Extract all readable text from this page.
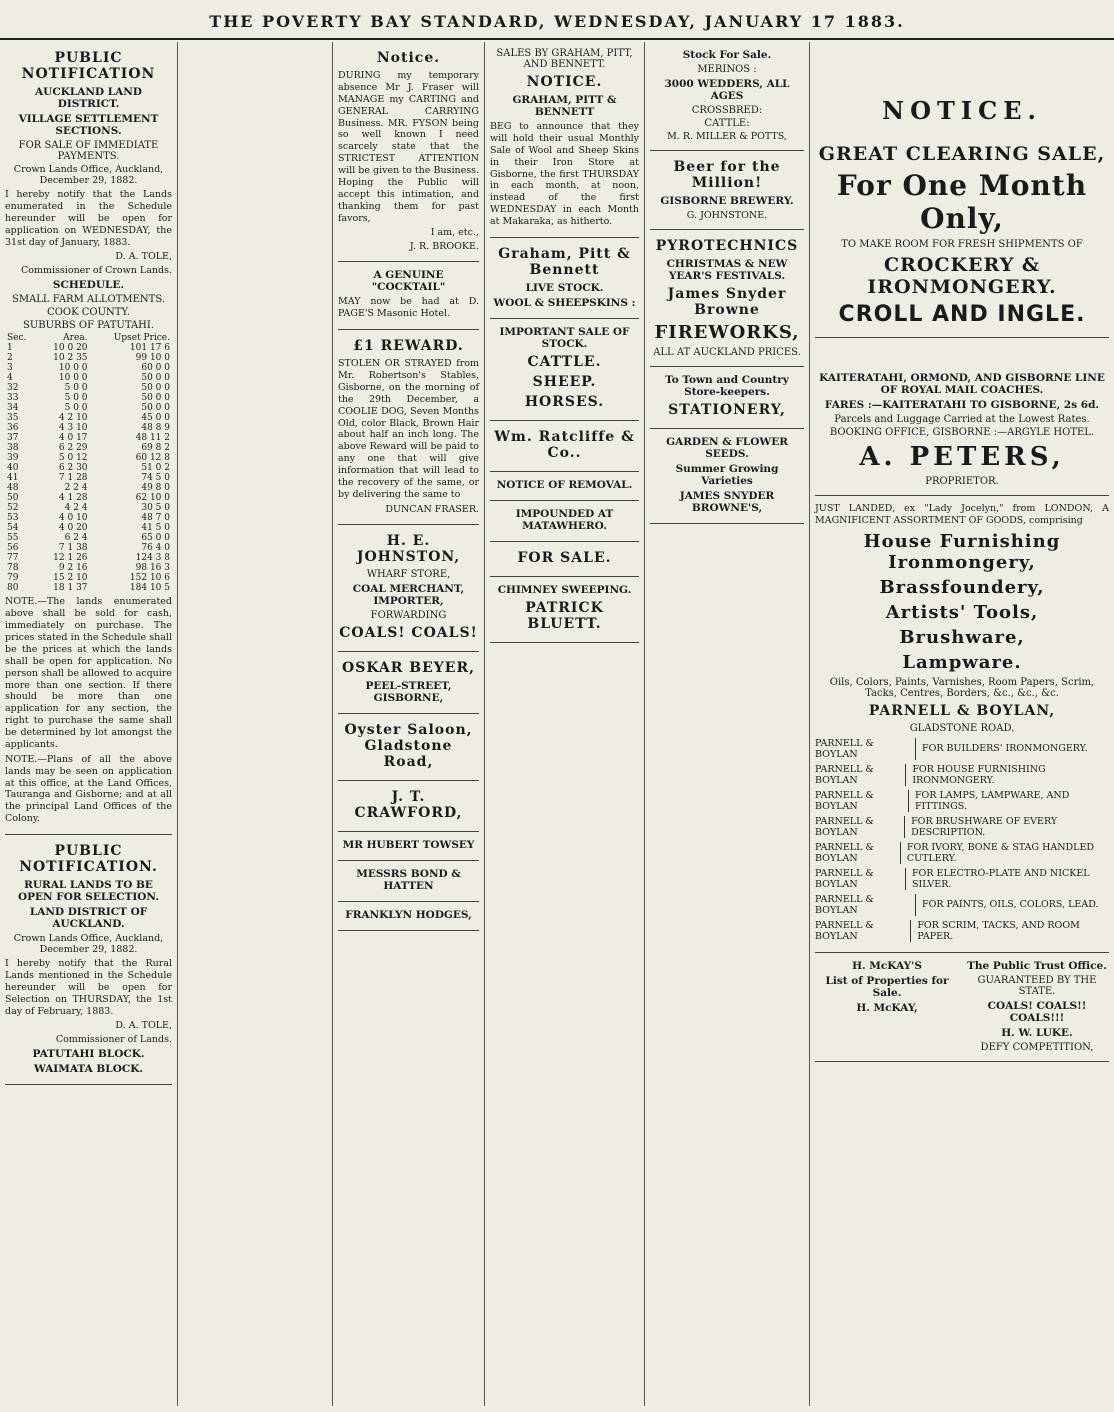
THE POVERTY BAY STANDARD, WEDNESDAY, JANUARY 17 1883.
PUBLIC NOTIFICATION
AUCKLAND LAND DISTRICT.
VILLAGE SETTLEMENT SECTIONS.
FOR SALE OF IMMEDIATE PAYMENTS.
Crown Lands Office, Auckland, December 29, 1882.
I hereby notify that the Lands enumerated in the Schedule hereunder will be open for application on WEDNESDAY, the 31st day of January, 1883.
D. A. TOLE,
Commissioner of Crown Lands.
SCHEDULE.
SMALL FARM ALLOTMENTS.
COOK COUNTY.
SUBURBS OF PATUTAHI.
Sec.	Area.	Upset Price.
1	10 0 20	101 17 6
2	10 2 35	99 10 0
3	10 0 0	60 0 0
4	10 0 0	50 0 0
32	5 0 0	50 0 0
33	5 0 0	50 0 0
34	5 0 0	50 0 0
35	4 2 10	45 0 0
36	4 3 10	48 8 9
37	4 0 17	48 11 2
38	6 2 29	69 8 2
39	5 0 12	60 12 8
40	6 2 30	51 0 2
41	7 1 28	74 5 0
48	2 2 4	49 8 0
50	4 1 28	62 10 0
52	4 2 4	30 5 0
53	4 0 10	48 7 0
54	4 0 20	41 5 0
55	6 2 4	65 0 0
56	7 1 38	76 4 0
77	12 1 26	124 3 8
78	9 2 16	98 16 3
79	15 2 10	152 10 6
80	18 1 37	184 10 5
NOTE.—The lands enumerated above shall be sold for cash, immediately on purchase. The prices stated in the Schedule shall be the prices at which the lands shall be open for application. No person shall be allowed to acquire more than one section. If there should be more than one application for any section, the right to purchase the same shall be determined by lot amongst the applicants.
NOTE.—Plans of all the above lands may be seen on application at this office, at the Land Offices, Tauranga and Gisborne; and at all the principal Land Offices of the Colony.
PUBLIC NOTIFICATION.
RURAL LANDS TO BE OPEN FOR SELECTION.
LAND DISTRICT OF AUCKLAND.
Crown Lands Office, Auckland, December 29, 1882.
I hereby notify that the Rural Lands mentioned in the Schedule hereunder will be open for Selection on THURSDAY, the 1st day of February, 1883.
D. A. TOLE,
Commissioner of Lands.
PATUTAHI BLOCK.
WAIMATA BLOCK.
Notice.
DURING my temporary absence Mr J. Fraser will MANAGE my CARTING and GENERAL CARRYING Business. MR. FYSON being so well known I need scarcely state that the STRICTEST ATTENTION will be given to the Business. Hoping the Public will accept this intimation, and thanking them for past favors,
I am, etc.,
J. R. BROOKE.
A GENUINE "COCKTAIL"
MAY now be had at D. PAGE'S Masonic Hotel.
£1 REWARD.
STOLEN OR STRAYED from Mr. Robertson's Stables, Gisborne, on the morning of the 29th December, a COOLIE DOG, Seven Months Old, color Black, Brown Hair about half an inch long. The above Reward will be paid to any one that will give information that will lead to the recovery of the same, or by delivering the same to
DUNCAN FRASER.
H. E. JOHNSTON,
WHARF STORE,
COAL MERCHANT, IMPORTER,
FORWARDING
COALS! COALS!
OSKAR BEYER,
PEEL-STREET, GISBORNE,
Oyster Saloon, Gladstone Road,
J. T. CRAWFORD,
MR HUBERT TOWSEY
MESSRS BOND & HATTEN
FRANKLYN HODGES,
SALES BY GRAHAM, PITT, AND BENNETT.
NOTICE.
GRAHAM, PITT & BENNETT
BEG to announce that they will hold their usual Monthly Sale of Wool and Sheep Skins in their Iron Store at Gisborne, the first THURSDAY in each month, at noon, instead of the first WEDNESDAY in each Month at Makaraka, as hitherto.
Graham, Pitt & Bennett
LIVE STOCK.
WOOL & SHEEPSKINS :
IMPORTANT SALE OF STOCK.
CATTLE.
SHEEP.
HORSES.
Wm. Ratcliffe & Co..
NOTICE OF REMOVAL.
IMPOUNDED AT MATAWHERO.
FOR SALE.
CHIMNEY SWEEPING.
PATRICK BLUETT.
Stock For Sale.
MERINOS :
3000 WEDDERS, ALL AGES
CROSSBRED:
CATTLE:
M. R. MILLER & POTTS,
Beer for the Million!
GISBORNE BREWERY.
G. JOHNSTONE.
PYROTECHNICS
CHRISTMAS & NEW YEAR'S FESTIVALS.
James Snyder Browne
FIREWORKS,
ALL AT AUCKLAND PRICES.
To Town and Country Store-keepers.
STATIONERY,
GARDEN & FLOWER SEEDS.
Summer Growing Varieties
JAMES SNYDER BROWNE'S,
NOTICE.
GREAT CLEARING SALE,
For One Month Only,
TO MAKE ROOM FOR FRESH SHIPMENTS OF
CROCKERY & IRONMONGERY.
CROLL AND INGLE.
KAITERATAHI, ORMOND, AND GISBORNE LINE OF ROYAL MAIL COACHES.
FARES :—KAITERATAHI TO GISBORNE, 2s 6d.
Parcels and Luggage Carried at the Lowest Rates.
BOOKING OFFICE, GISBORNE :—ARGYLE HOTEL.
A. PETERS,
PROPRIETOR.
JUST LANDED, ex "Lady Jocelyn," from LONDON, A MAGNIFICENT ASSORTMENT OF GOODS, comprising
House Furnishing Ironmongery,
Brassfoundery,
Artists' Tools,
Brushware,
Lampware.
Oils, Colors, Paints, Varnishes, Room Papers, Scrim, Tacks, Centres, Borders, &c., &c., &c.
PARNELL & BOYLAN,
GLADSTONE ROAD.
PARNELL & BOYLAN	FOR BUILDERS' IRONMONGERY.
PARNELL & BOYLAN
FOR HOUSE FURNISHING IRONMONGERY.
PARNELL & BOYLAN
FOR LAMPS, LAMPWARE, AND FITTINGS.
PARNELL & BOYLAN
FOR BRUSHWARE OF EVERY DESCRIPTION.
PARNELL & BOYLAN
FOR IVORY, BONE & STAG HANDLED CUTLERY.
PARNELL & BOYLAN
FOR ELECTRO-PLATE AND NICKEL SILVER.
PARNELL & BOYLAN	FOR PAINTS, OILS, COLORS, LEAD.
PARNELL & BOYLAN
FOR SCRIM, TACKS, AND ROOM PAPER.
H. McKAY'S
List of Properties for Sale.
H. McKAY,
The Public Trust Office.
GUARANTEED BY THE STATE.
COALS! COALS!! COALS!!!
H. W. LUKE.
DEFY COMPETITION,
